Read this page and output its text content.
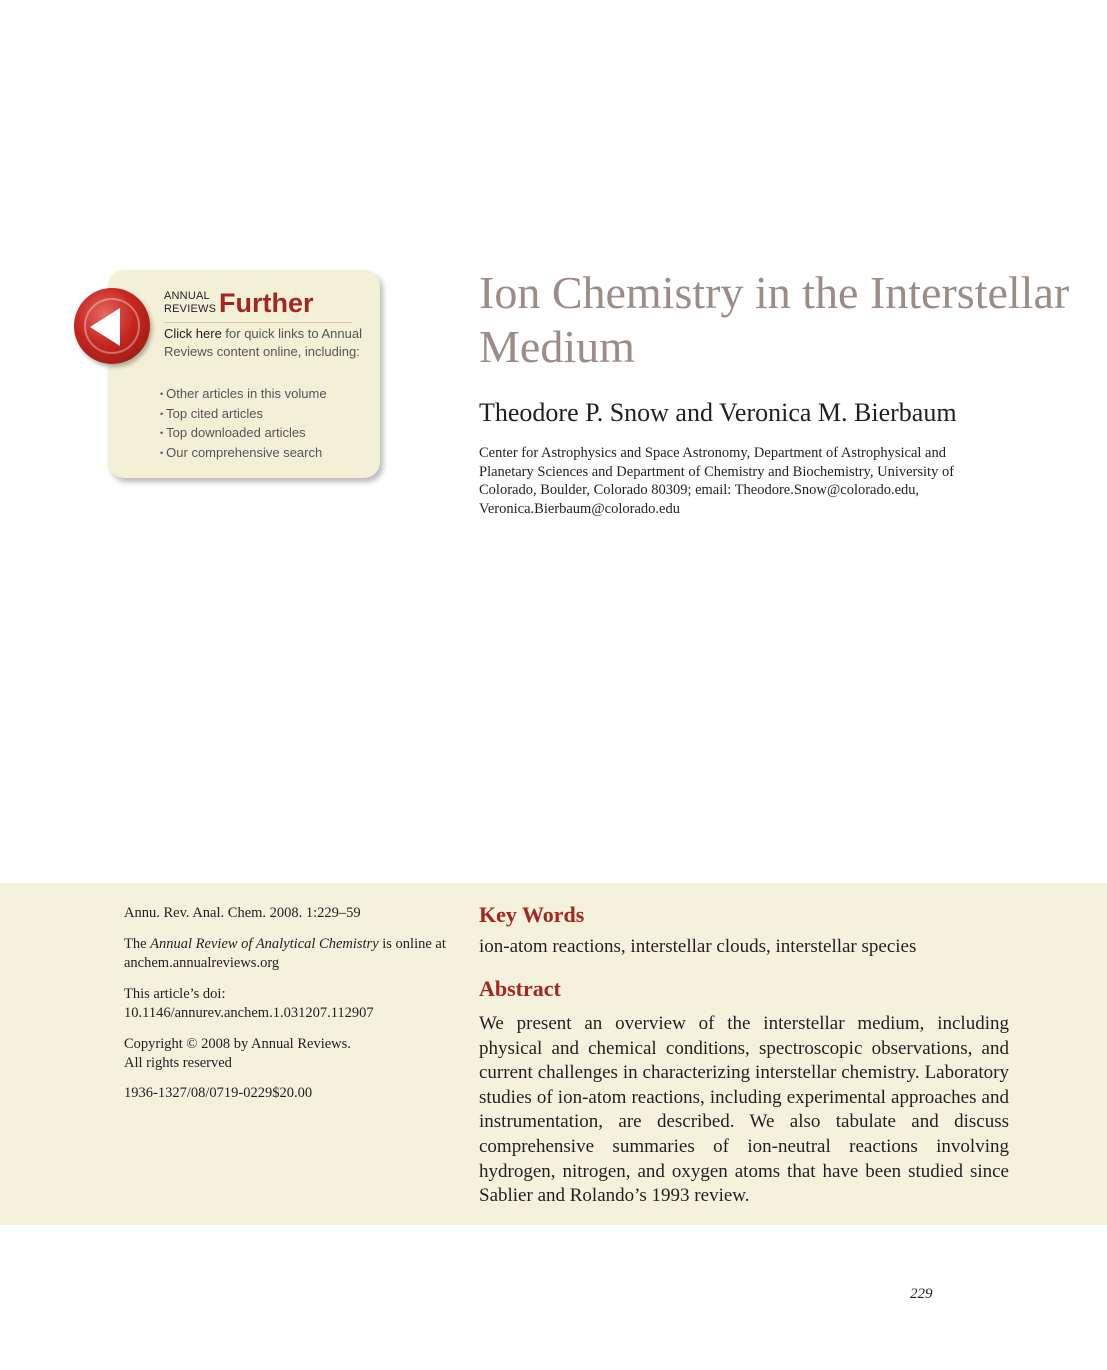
ANNUAL
REVIEWS Further
Click here for quick links to Annual Reviews content online, including:
• Other articles in this volume
• Top cited articles
• Top downloaded articles
• Our comprehensive search
Ion Chemistry in the Interstellar Medium
Theodore P. Snow and Veronica M. Bierbaum
Center for Astrophysics and Space Astronomy, Department of Astrophysical and Planetary Sciences and Department of Chemistry and Biochemistry, University of Colorado, Boulder, Colorado 80309; email: Theodore.Snow@colorado.edu, Veronica.Bierbaum@colorado.edu
Annu. Rev. Anal. Chem. 2008. 1:229–59
The Annual Review of Analytical Chemistry is online at anchem.annualreviews.org
This article’s doi:
10.1146/annurev.anchem.1.031207.112907
Copyright © 2008 by Annual Reviews.
All rights reserved
1936-1327/08/0719-0229$20.00
Key Words
ion-atom reactions, interstellar clouds, interstellar species
Abstract

We present an overview of the interstellar medium, including physical and chemical conditions, spectroscopic observations, and current challenges in characterizing interstellar chemistry. Laboratory studies of ion-atom reactions, including experimental approaches and instrumentation, are described. We also tabulate and discuss comprehensive summaries of ion-neutral reactions involving hydrogen, nitrogen, and oxygen atoms that have been studied since Sablier and Rolando’s 1993 review.

229
